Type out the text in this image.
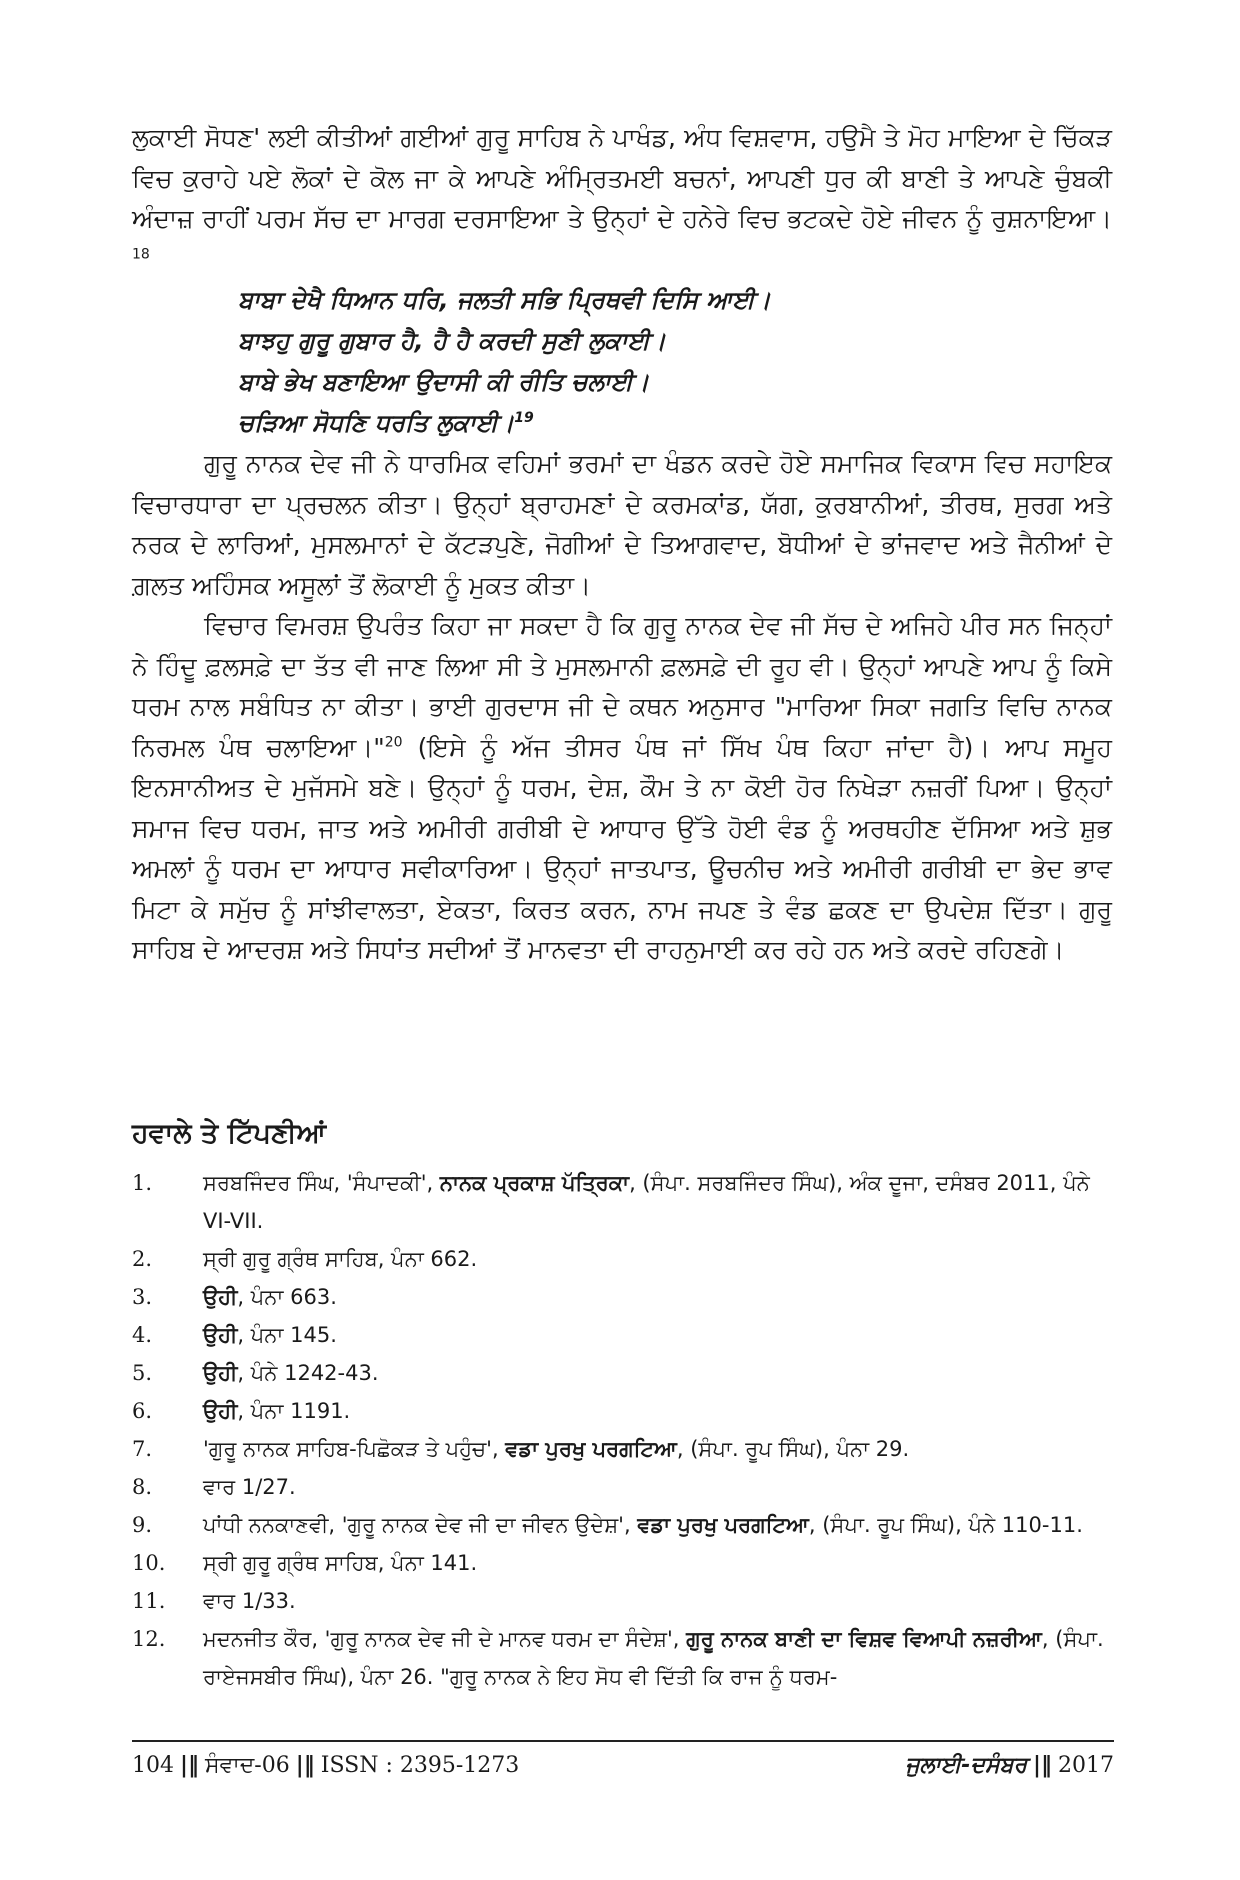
ਲੁਕਾਈ ਸੋਧਣ' ਲਈ ਕੀਤੀਆਂ ਗਈਆਂ ਗੁਰੂ ਸਾਹਿਬ ਨੇ ਪਾਖੰਡ, ਅੰਧ ਵਿਸ਼ਵਾਸ, ਹਉਮੈ ਤੇ ਮੋਹ ਮਾਇਆ ਦੇ ਚਿੱਕੜ ਵਿਚ ਕੁਰਾਹੇ ਪਏ ਲੋਕਾਂ ਦੇ ਕੋਲ ਜਾ ਕੇ ਆਪਣੇ ਅੰਮ੍ਰਿਤਮਈ ਬਚਨਾਂ, ਆਪਣੀ ਧੁਰ ਕੀ ਬਾਣੀ ਤੇ ਆਪਣੇ ਚੁੰਬਕੀ ਅੰਦਾਜ਼ ਰਾਹੀਂ ਪਰਮ ਸੱਚ ਦਾ ਮਾਰਗ ਦਰਸਾਇਆ ਤੇ ਉਨ੍ਹਾਂ ਦੇ ਹਨੇਰੇ ਵਿਚ ਭਟਕਦੇ ਹੋਏ ਜੀਵਨ ਨੂੰ ਰੁਸ਼ਨਾਇਆ।$^{18}$

ਬਾਬਾ ਦੇਖੈ ਧਿਆਨ ਧਰਿ, ਜਲਤੀ ਸਭਿ ਪ੍ਰਿਥਵੀ ਦਿਸਿ ਆਈ।
ਬਾਝਹੁ ਗੁਰੂ ਗੁਬਾਰ ਹੈ, ਹੈ ਹੈ ਕਰਦੀ ਸੁਣੀ ਲੁਕਾਈ।
ਬਾਬੇ ਭੇਖ ਬਣਾਇਆ ਉਦਾਸੀ ਕੀ ਰੀਤਿ ਚਲਾਈ।
ਚੜਿਆ ਸੋਧਣਿ ਧਰਤਿ ਲੁਕਾਈ।$^{19}$

ਗੁਰੂ ਨਾਨਕ ਦੇਵ ਜੀ ਨੇ ਧਾਰਮਿਕ ਵਹਿਮਾਂ ਭਰਮਾਂ ਦਾ ਖੰਡਨ ਕਰਦੇ ਹੋਏ ਸਮਾਜਿਕ ਵਿਕਾਸ ਵਿਚ ਸਹਾਇਕ ਵਿਚਾਰਧਾਰਾ ਦਾ ਪ੍ਰਚਲਨ ਕੀਤਾ। ਉਨ੍ਹਾਂ ਬ੍ਰਾਹਮਣਾਂ ਦੇ ਕਰਮਕਾਂਡ, ਯੱਗ, ਕੁਰਬਾਨੀਆਂ, ਤੀਰਥ, ਸੁਰਗ ਅਤੇ ਨਰਕ ਦੇ ਲਾਰਿਆਂ, ਮੁਸਲਮਾਨਾਂ ਦੇ ਕੱਟੜਪੁਣੇ, ਜੋਗੀਆਂ ਦੇ ਤਿਆਗਵਾਦ, ਬੋਧੀਆਂ ਦੇ ਭਾਂਜਵਾਦ ਅਤੇ ਜੈਨੀਆਂ ਦੇ ਗ਼ਲਤ ਅਹਿੰਸਕ ਅਸੂਲਾਂ ਤੋਂ ਲੋਕਾਈ ਨੂੰ ਮੁਕਤ ਕੀਤਾ।

ਵਿਚਾਰ ਵਿਮਰਸ਼ ਉਪਰੰਤ ਕਿਹਾ ਜਾ ਸਕਦਾ ਹੈ ਕਿ ਗੁਰੂ ਨਾਨਕ ਦੇਵ ਜੀ ਸੱਚ ਦੇ ਅਜਿਹੇ ਪੀਰ ਸਨ ਜਿਨ੍ਹਾਂ ਨੇ ਹਿੰਦੂ ਫ਼ਲਸਫ਼ੇ ਦਾ ਤੱਤ ਵੀ ਜਾਣ ਲਿਆ ਸੀ ਤੇ ਮੁਸਲਮਾਨੀ ਫ਼ਲਸਫ਼ੇ ਦੀ ਰੂਹ ਵੀ। ਉਨ੍ਹਾਂ ਆਪਣੇ ਆਪ ਨੂੰ ਕਿਸੇ ਧਰਮ ਨਾਲ ਸਬੰਧਿਤ ਨਾ ਕੀਤਾ। ਭਾਈ ਗੁਰਦਾਸ ਜੀ ਦੇ ਕਥਨ ਅਨੁਸਾਰ "ਮਾਰਿਆ ਸਿਕਾ ਜਗਤਿ ਵਿਚਿ ਨਾਨਕ ਨਿਰਮਲ ਪੰਥ ਚਲਾਇਆ।"$^{20}$ (ਇਸੇ ਨੂੰ ਅੱਜ ਤੀਸਰ ਪੰਥ ਜਾਂ ਸਿੱਖ ਪੰਥ ਕਿਹਾ ਜਾਂਦਾ ਹੈ)। ਆਪ ਸਮੂਹ ਇਨਸਾਨੀਅਤ ਦੇ ਮੁਜੱਸਮੇ ਬਣੇ। ਉਨ੍ਹਾਂ ਨੂੰ ਧਰਮ, ਦੇਸ਼, ਕੌਮ ਤੇ ਨਾ ਕੋਈ ਹੋਰ ਨਿਖੇੜਾ ਨਜ਼ਰੀਂ ਪਿਆ। ਉਨ੍ਹਾਂ ਸਮਾਜ ਵਿਚ ਧਰਮ, ਜਾਤ ਅਤੇ ਅਮੀਰੀ ਗਰੀਬੀ ਦੇ ਆਧਾਰ ਉੱਤੇ ਹੋਈ ਵੰਡ ਨੂੰ ਅਰਥਹੀਣ ਦੱਸਿਆ ਅਤੇ ਸ਼ੁਭ ਅਮਲਾਂ ਨੂੰ ਧਰਮ ਦਾ ਆਧਾਰ ਸਵੀਕਾਰਿਆ। ਉਨ੍ਹਾਂ ਜਾਤਪਾਤ, ਊਚਨੀਚ ਅਤੇ ਅਮੀਰੀ ਗਰੀਬੀ ਦਾ ਭੇਦ ਭਾਵ ਮਿਟਾ ਕੇ ਸਮੁੱਚ ਨੂੰ ਸਾਂਝੀਵਾਲਤਾ, ਏਕਤਾ, ਕਿਰਤ ਕਰਨ, ਨਾਮ ਜਪਣ ਤੇ ਵੰਡ ਛਕਣ ਦਾ ਉਪਦੇਸ਼ ਦਿੱਤਾ। ਗੁਰੂ ਸਾਹਿਬ ਦੇ ਆਦਰਸ਼ ਅਤੇ ਸਿਧਾਂਤ ਸਦੀਆਂ ਤੋਂ ਮਾਨਵਤਾ ਦੀ ਰਾਹਨੁਮਾਈ ਕਰ ਰਹੇ ਹਨ ਅਤੇ ਕਰਦੇ ਰਹਿਣਗੇ।

ਹਵਾਲੇ ਤੇ ਟਿੱਪਣੀਆਂ
1.	ਸਰਬਜਿੰਦਰ ਸਿੰਘ, 'ਸੰਪਾਦਕੀ', ਨਾਨਕ ਪ੍ਰਕਾਸ਼ ਪੱਤ੍ਰਿਕਾ, (ਸੰਪਾ. ਸਰਬਜਿੰਦਰ ਸਿੰਘ), ਅੰਕ ਦੂਜਾ, ਦਸੰਬਰ 2011, ਪੰਨੇ VI-VII.
2.	ਸ੍ਰੀ ਗੁਰੂ ਗ੍ਰੰਥ ਸਾਹਿਬ, ਪੰਨਾ 662.
3.	ਉਹੀ, ਪੰਨਾ 663.
4.	ਉਹੀ, ਪੰਨਾ 145.
5.	ਉਹੀ, ਪੰਨੇ 1242-43.
6.	ਉਹੀ, ਪੰਨਾ 1191.
7.	'ਗੁਰੂ ਨਾਨਕ ਸਾਹਿਬ-ਪਿਛੋਕੜ ਤੇ ਪਹੁੰਚ', ਵਡਾ ਪੁਰਖੁ ਪਰਗਟਿਆ, (ਸੰਪਾ. ਰੂਪ ਸਿੰਘ), ਪੰਨਾ 29.
8.	ਵਾਰ 1/27.
9.	ਪਾਂਧੀ ਨਨਕਾਣਵੀ, 'ਗੁਰੂ ਨਾਨਕ ਦੇਵ ਜੀ ਦਾ ਜੀਵਨ ਉਦੇਸ਼', ਵਡਾ ਪੁਰਖੁ ਪਰਗਟਿਆ, (ਸੰਪਾ. ਰੂਪ ਸਿੰਘ), ਪੰਨੇ 110-11.
10.	ਸ੍ਰੀ ਗੁਰੂ ਗ੍ਰੰਥ ਸਾਹਿਬ, ਪੰਨਾ 141.
11.	ਵਾਰ 1/33.
12.	ਮਦਨਜੀਤ ਕੌਰ, 'ਗੁਰੂ ਨਾਨਕ ਦੇਵ ਜੀ ਦੇ ਮਾਨਵ ਧਰਮ ਦਾ ਸੰਦੇਸ਼', ਗੁਰੂ ਨਾਨਕ ਬਾਣੀ ਦਾ ਵਿਸ਼ਵ ਵਿਆਪੀ ਨਜ਼ਰੀਆ, (ਸੰਪਾ. ਰਾਏਜਸਬੀਰ ਸਿੰਘ), ਪੰਨਾ 26. "ਗੁਰੂ ਨਾਨਕ ਨੇ ਇਹ ਸੋਧ ਵੀ ਦਿੱਤੀ ਕਿ ਰਾਜ ਨੂੰ ਧਰਮ-
104 |‖ ਸੰਵਾਦ-06 |‖ ISSN : 2395-1273	ਜੁਲਾਈ-ਦਸੰਬਰ |‖ 2017
